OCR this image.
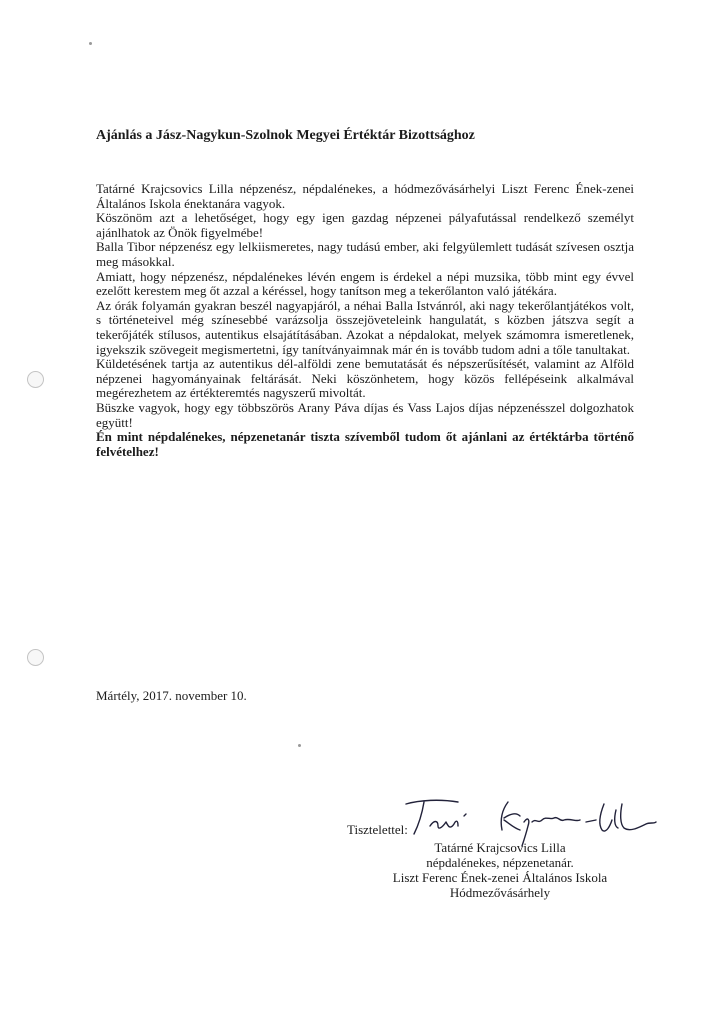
Ajánlás a Jász-Nagykun-Szolnok Megyei Értéktár Bizottsághoz

Tatárné Krajcsovics Lilla népzenész, népdalénekes, a hódmezővásárhelyi Liszt Ferenc Ének-zenei Általános Iskola énektanára vagyok.

Köszönöm azt a lehetőséget, hogy egy igen gazdag népzenei pályafutással rendelkező személyt ajánlhatok az Önök figyelmébe!

Balla Tibor népzenész egy lelkiismeretes, nagy tudású ember, aki felgyülemlett tudását szívesen osztja meg másokkal.

Amiatt, hogy népzenész, népdalénekes lévén engem is érdekel a népi muzsika, több mint egy évvel ezelőtt kerestem meg őt azzal a kéréssel, hogy tanítson meg a tekerőlanton való játékára.

Az órák folyamán gyakran beszél nagyapjáról, a néhai Balla Istvánról, aki nagy tekerőlantjátékos volt, s történeteivel még színesebbé varázsolja összejöveteleink hangulatát, s közben játszva segít a tekerőjáték stílusos, autentikus elsajátításában. Azokat a népdalokat, melyek számomra ismeretlenek, igyekszik szövegeit megismertetni, így tanítványaimnak már én is tovább tudom adni a tőle tanultakat.

Küldetésének tartja az autentikus dél-alföldi zene bemutatását és népszerűsítését, valamint az Alföld népzenei hagyományainak feltárását. Neki köszönhetem, hogy közös fellépéseink alkalmával megérezhetem az értékteremtés nagyszerű mivoltát.

Büszke vagyok, hogy egy többszörös Arany Páva díjas és Vass Lajos díjas népzenésszel dolgozhatok együtt!

Én mint népdalénekes, népzenetanár tiszta szívemből tudom őt ajánlani az értéktárba történő felvételhez!

Mártély, 2017. november 10.

Tisztelettel:

Tatárné Krajcsovics Lilla
népdalénekes, népzenetanár.
Liszt Ferenc Ének-zenei Általános Iskola
Hódmezővásárhely
